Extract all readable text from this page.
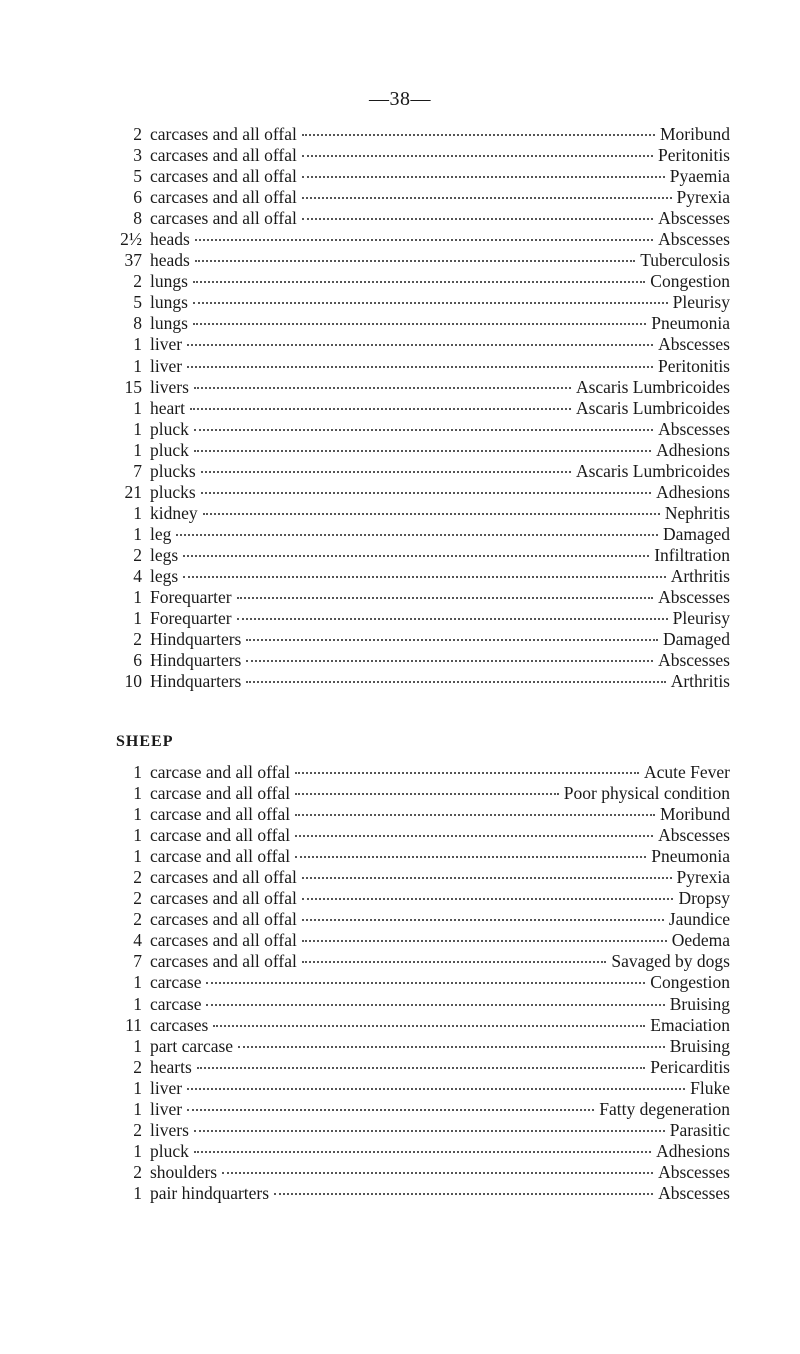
—38—
2 carcases and all offal	Moribund
3 carcases and all offal	Peritonitis
5 carcases and all offal	Pyaemia
6 carcases and all offal	Pyrexia
8 carcases and all offal	Abscesses
2½ heads	Abscesses
37 heads	Tuberculosis
2 lungs	Congestion
5 lungs	Pleurisy
8 lungs	Pneumonia
1 liver	Abscesses
1 liver	Peritonitis
15 livers	Ascaris Lumbricoides
1 heart	Ascaris Lumbricoides
1 pluck	Abscesses
1 pluck	Adhesions
7 plucks	Ascaris Lumbricoides
21 plucks	Adhesions
1 kidney	Nephritis
1 leg	Damaged
2 legs	Infiltration
4 legs	Arthritis
1 Forequarter	Abscesses
1 Forequarter	Pleurisy
2 Hindquarters	Damaged
6 Hindquarters	Abscesses
10 Hindquarters	Arthritis
SHEEP
1 carcase and all offal	Acute Fever
1 carcase and all offal	Poor physical condition
1 carcase and all offal	Moribund
1 carcase and all offal	Abscesses
1 carcase and all offal	Pneumonia
2 carcases and all offal	Pyrexia
2 carcases and all offal	Dropsy
2 carcases and all offal	Jaundice
4 carcases and all offal	Oedema
7 carcases and all offal	Savaged by dogs
1 carcase	Congestion
1 carcase	Bruising
11 carcases	Emaciation
1 part carcase	Bruising
2 hearts	Pericarditis
1 liver	Fluke
1 liver	Fatty degeneration
2 livers	Parasitic
1 pluck	Adhesions
2 shoulders	Abscesses
1 pair hindquarters	Abscesses
